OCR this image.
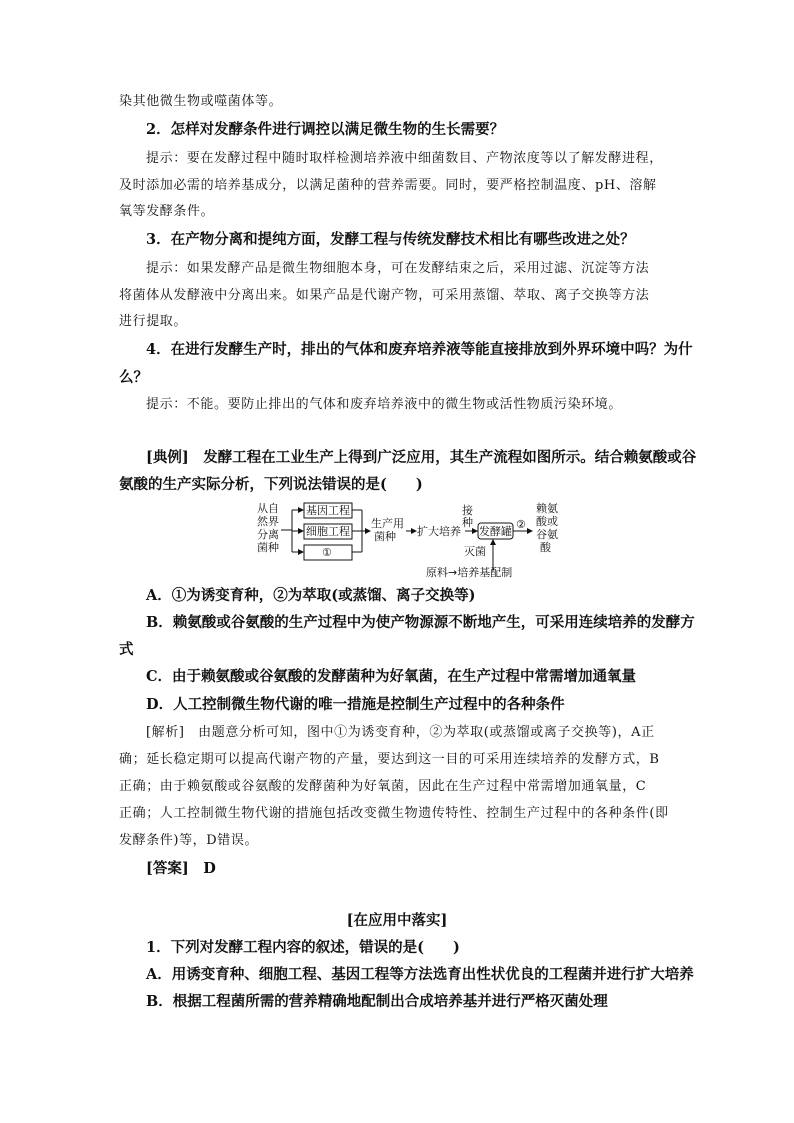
染其他微生物或噬菌体等。
2．怎样对发酵条件进行调控以满足微生物的生长需要？
提示：要在发酵过程中随时取样检测培养液中细菌数目、产物浓度等以了解发酵进程，
及时添加必需的培养基成分，以满足菌种的营养需要。同时，要严格控制温度、pH、溶解
氧等发酵条件。
3．在产物分离和提纯方面，发酵工程与传统发酵技术相比有哪些改进之处？
提示：如果发酵产品是微生物细胞本身，可在发酵结束之后，采用过滤、沉淀等方法
将菌体从发酵液中分离出来。如果产品是代谢产物，可采用蒸馏、萃取、离子交换等方法
进行提取。
4．在进行发酵生产时，排出的气体和废弃培养液等能直接排放到外界环境中吗？为什
么？
提示：不能。要防止排出的气体和废弃培养液中的微生物或活性物质污染环境。
[典例]　发酵工程在工业生产上得到广泛应用，其生产流程如图所示。结合赖氨酸或谷
氨酸的生产实际分析，下列说法错误的是(　　)
从自
然界
分离
菌种
基因工程
细胞工程
①
生产用
菌种 扩大培养
接
种
发酵罐
②
赖氨
酸或
谷氨
酸
灭菌
原料→培养基配制
A．①为诱变育种，②为萃取(或蒸馏、离子交换等)
B．赖氨酸或谷氨酸的生产过程中为使产物源源不断地产生，可采用连续培养的发酵方
式
C．由于赖氨酸或谷氨酸的发酵菌种为好氧菌，在生产过程中常需增加通氧量
D．人工控制微生物代谢的唯一措施是控制生产过程中的各种条件
[解析]　由题意分析可知，图中①为诱变育种，②为萃取(或蒸馏或离子交换等)，A正
确；延长稳定期可以提高代谢产物的产量，要达到这一目的可采用连续培养的发酵方式，B
正确；由于赖氨酸或谷氨酸的发酵菌种为好氧菌，因此在生产过程中常需增加通氧量，C
正确；人工控制微生物代谢的措施包括改变微生物遗传特性、控制生产过程中的各种条件(即
发酵条件)等，D错误。
[答案]　D
[在应用中落实]
1．下列对发酵工程内容的叙述，错误的是(　　)
A．用诱变育种、细胞工程、基因工程等方法选育出性状优良的工程菌并进行扩大培养
B．根据工程菌所需的营养精确地配制出合成培养基并进行严格灭菌处理
